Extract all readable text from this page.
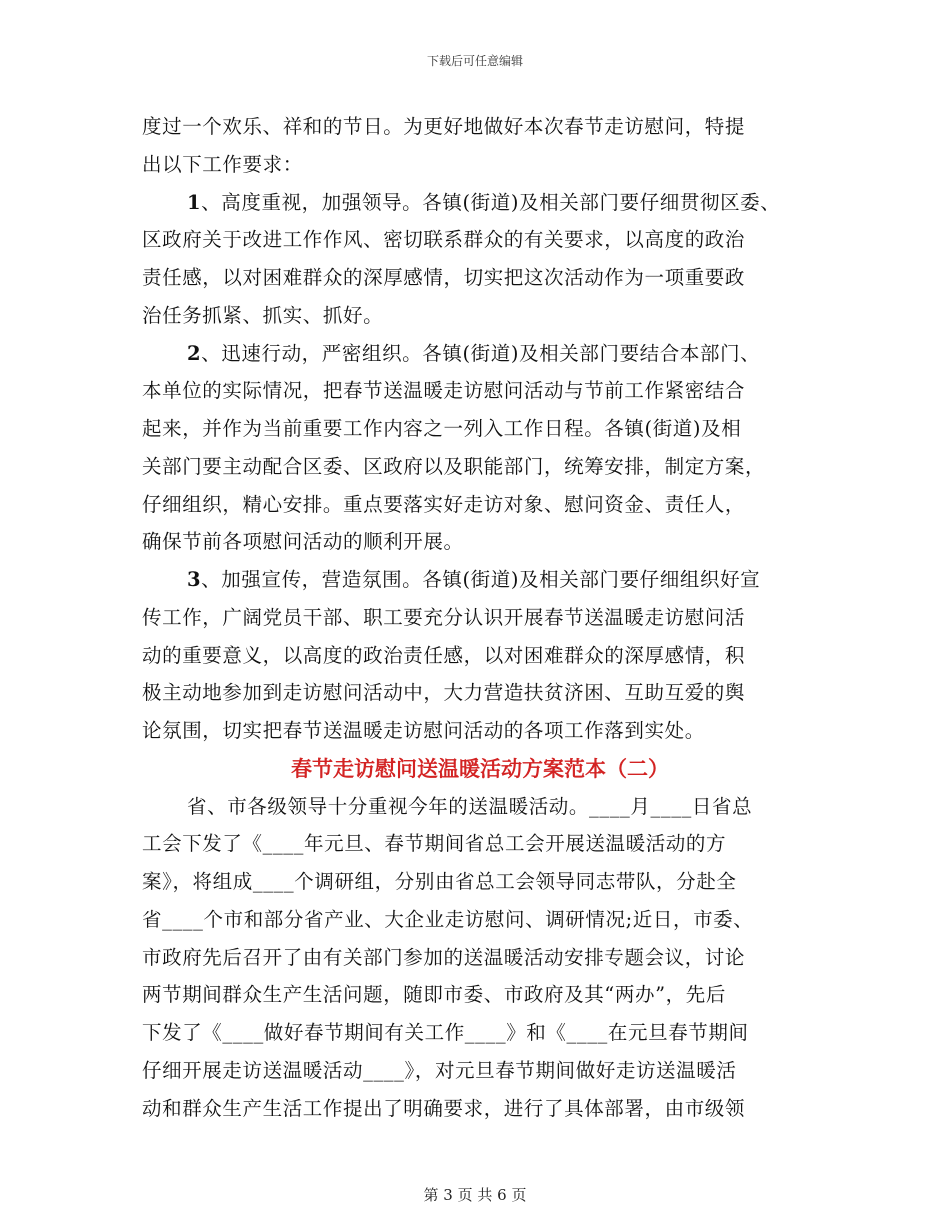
下载后可任意编辑
度过一个欢乐、祥和的节日。为更好地做好本次春节走访慰问，特提
出以下工作要求：
1、高度重视，加强领导。各镇(街道)及相关部门要仔细贯彻区委、
区政府关于改进工作作风、密切联系群众的有关要求，以高度的政治
责任感，以对困难群众的深厚感情，切实把这次活动作为一项重要政
治任务抓紧、抓实、抓好。
2、迅速行动，严密组织。各镇(街道)及相关部门要结合本部门、
本单位的实际情况，把春节送温暖走访慰问活动与节前工作紧密结合
起来，并作为当前重要工作内容之一列入工作日程。各镇(街道)及相
关部门要主动配合区委、区政府以及职能部门，统筹安排，制定方案，
仔细组织，精心安排。重点要落实好走访对象、慰问资金、责任人，
确保节前各项慰问活动的顺利开展。
3、加强宣传，营造氛围。各镇(街道)及相关部门要仔细组织好宣
传工作，广阔党员干部、职工要充分认识开展春节送温暖走访慰问活
动的重要意义，以高度的政治责任感，以对困难群众的深厚感情，积
极主动地参加到走访慰问活动中，大力营造扶贫济困、互助互爱的舆
论氛围，切实把春节送温暖走访慰问活动的各项工作落到实处。
春节走访慰问送温暖活动方案范本（二）
省、市各级领导十分重视今年的送温暖活动。____月____日省总
工会下发了《____年元旦、春节期间省总工会开展送温暖活动的方
案》，将组成____个调研组，分别由省总工会领导同志带队，分赴全
省____个市和部分省产业、大企业走访慰问、调研情况;近日，市委、
市政府先后召开了由有关部门参加的送温暖活动安排专题会议，讨论
两节期间群众生产生活问题，随即市委、市政府及其“两办”，先后
下发了《____做好春节期间有关工作____》和《____在元旦春节期间
仔细开展走访送温暖活动____》，对元旦春节期间做好走访送温暖活
动和群众生产生活工作提出了明确要求，进行了具体部署，由市级领
第 3 页 共 6 页
